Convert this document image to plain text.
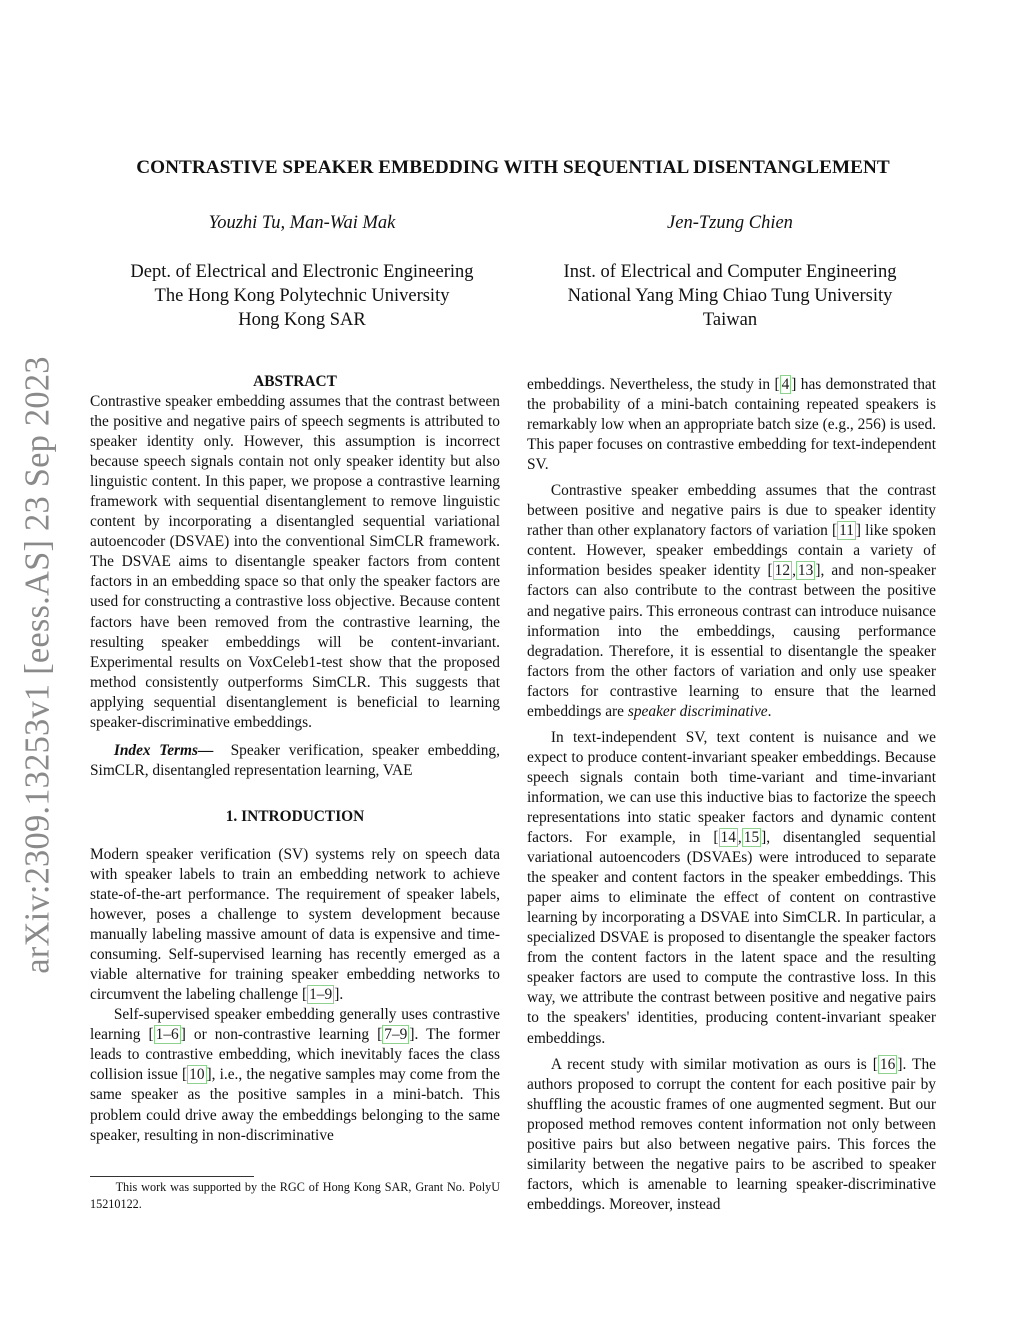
arXiv:2309.13253v1 [eess.AS] 23 Sep 2023
CONTRASTIVE SPEAKER EMBEDDING WITH SEQUENTIAL DISENTANGLEMENT
Youzhi Tu, Man-Wai Mak	Jen-Tzung Chien
Dept. of Electrical and Electronic Engineering
The Hong Kong Polytechnic University
Hong Kong SAR
Inst. of Electrical and Computer Engineering
National Yang Ming Chiao Tung University
Taiwan
ABSTRACT

Contrastive speaker embedding assumes that the contrast between the positive and negative pairs of speech segments is attributed to speaker identity only. However, this assumption is incorrect because speech signals contain not only speaker identity but also linguistic content. In this paper, we propose a contrastive learning framework with sequential disentanglement to remove linguistic content by incorporating a disentangled sequential variational autoencoder (DSVAE) into the conventional SimCLR framework. The DSVAE aims to disentangle speaker factors from content factors in an embedding space so that only the speaker factors are used for constructing a contrastive loss objective. Because content factors have been removed from the contrastive learning, the resulting speaker embeddings will be content-invariant. Experimental results on VoxCeleb1-test show that the proposed method consistently outperforms SimCLR. This suggests that applying sequential disentanglement is beneficial to learning speaker-discriminative embeddings.

Index Terms— Speaker verification, speaker embedding, SimCLR, disentangled representation learning, VAE

1. INTRODUCTION

Modern speaker verification (SV) systems rely on speech data with speaker labels to train an embedding network to achieve state-of-the-art performance. The requirement of speaker labels, however, poses a challenge to system development because manually labeling massive amount of data is expensive and time-consuming. Self-supervised learning has recently emerged as a viable alternative for training speaker embedding networks to circumvent the labeling challenge [ 1–9 ].

Self-supervised speaker embedding generally uses contrastive learning [ 1–6 ] or non-contrastive learning [ 7–9 ]. The former leads to contrastive embedding, which inevitably faces the class collision issue [ 10 ], i.e., the negative samples may come from the same speaker as the positive samples in a mini-batch. This problem could drive away the embeddings belonging to the same speaker, resulting in non-discriminative

This work was supported by the RGC of Hong Kong SAR, Grant No. PolyU 15210122.

embeddings. Nevertheless, the study in [ 4 ] has demonstrated that the probability of a mini-batch containing repeated speakers is remarkably low when an appropriate batch size (e.g., 256) is used. This paper focuses on contrastive embedding for text-independent SV.

Contrastive speaker embedding assumes that the contrast between positive and negative pairs is due to speaker identity rather than other explanatory factors of variation [ 11 ] like spoken content. However, speaker embeddings contain a variety of information besides speaker identity [ 12 , 13 ], and non-speaker factors can also contribute to the contrast between the positive and negative pairs. This erroneous contrast can introduce nuisance information into the embeddings, causing performance degradation. Therefore, it is essential to disentangle the speaker factors from the other factors of variation and only use speaker factors for contrastive learning to ensure that the learned embeddings are speaker discriminative.

In text-independent SV, text content is nuisance and we expect to produce content-invariant speaker embeddings. Because speech signals contain both time-variant and time-invariant information, we can use this inductive bias to factorize the speech representations into static speaker factors and dynamic content factors. For example, in [ 14 , 15 ], disentangled sequential variational autoencoders (DSVAEs) were introduced to separate the speaker and content factors in the speaker embeddings. This paper aims to eliminate the effect of content on contrastive learning by incorporating a DSVAE into SimCLR. In particular, a specialized DSVAE is proposed to disentangle the speaker factors from the content factors in the latent space and the resulting speaker factors are used to compute the contrastive loss. In this way, we attribute the contrast between positive and negative pairs to the speakers' identities, producing content-invariant speaker embeddings.

A recent study with similar motivation as ours is [ 16 ]. The authors proposed to corrupt the content for each positive pair by shuffling the acoustic frames of one augmented segment. But our proposed method removes content information not only between positive pairs but also between negative pairs. This forces the similarity between the negative pairs to be ascribed to speaker factors, which is amenable to learning speaker-discriminative embeddings. Moreover, instead
